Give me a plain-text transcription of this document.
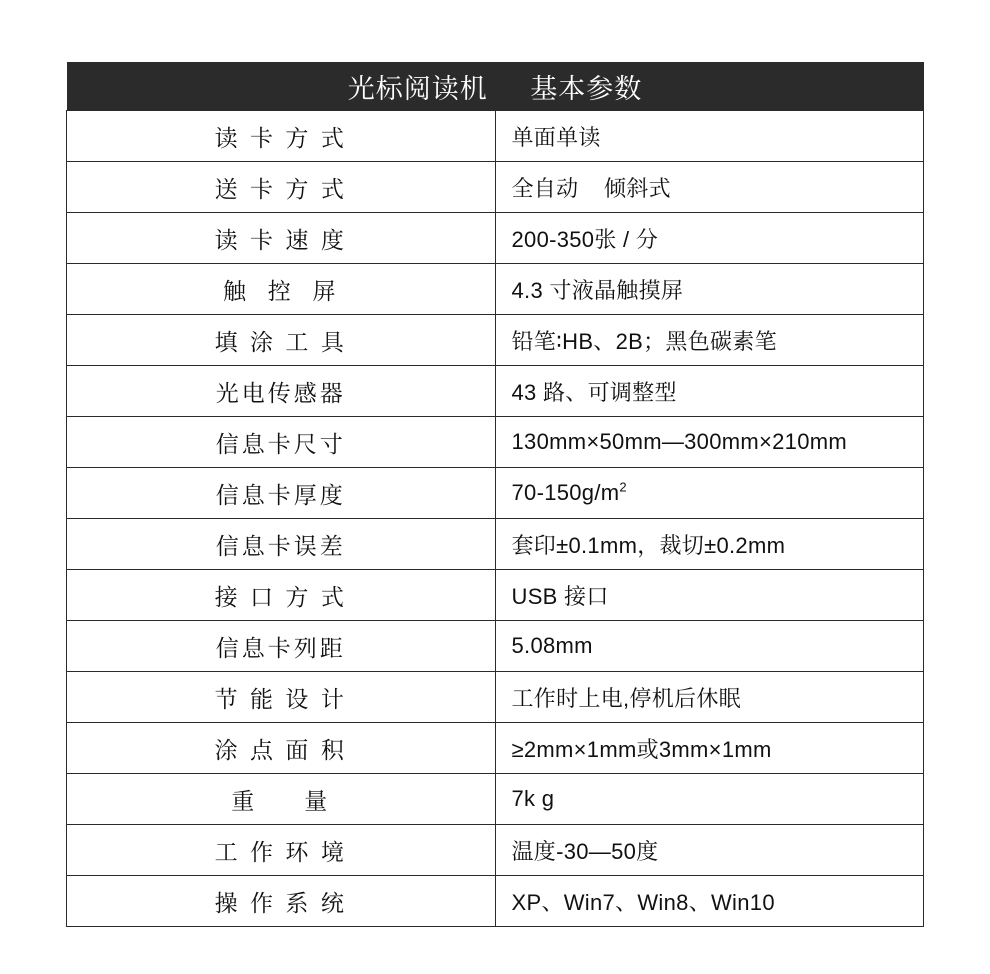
光标阅读机     基本参数	
读 卡 方 式	单面单读
送 卡 方 式	全自动    倾斜式
读 卡 速 度	200-350张 / 分
触  控  屏	4.3 寸液晶触摸屏
填 涂 工 具	铅笔∶HB、2B；黑色碳素笔
光电传感器	43 路、可调整型
信息卡尺寸	130mm×50mm—300mm×210mm
信息卡厚度	$70-150g/m^2$
信息卡误差	套印±0.1mm，裁切±0.2mm
接 口 方 式	USB 接口
信息卡列距	5.08mm
节 能 设 计	工作时上电,停机后休眠
涂 点 面 积	≥2mm×1mm或3mm×1mm
重     量	7k g
工 作 环 境	温度-30—50度
操 作 系 统	XP、Win7、Win8、Win10
